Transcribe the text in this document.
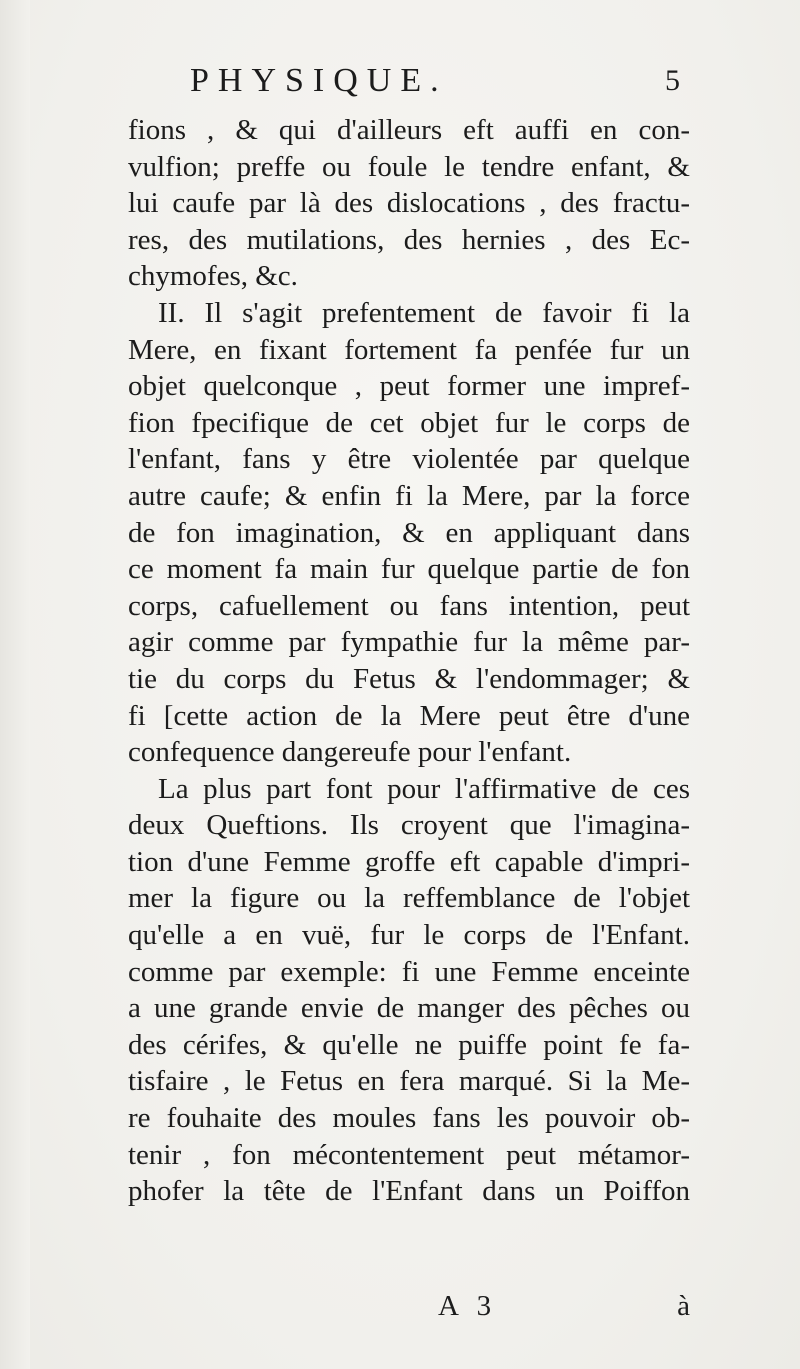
PHYSIQUE.	5
fions , & qui d'ailleurs eft auffi en con-
vulfion; preffe ou foule le tendre enfant, &
lui caufe par là des dislocations , des fractu-
res, des mutilations, des hernies , des Ec-
chymofes, &c.
II. Il s'agit prefentement de favoir fi la
Mere, en fixant fortement fa penfée fur un
objet quelconque , peut former une impref-
fion fpecifique de cet objet fur le corps de
l'enfant, fans y être violentée par quelque
autre caufe; & enfin fi la Mere, par la force
de fon imagination, & en appliquant dans
ce moment fa main fur quelque partie de fon
corps, cafuellement ou fans intention, peut
agir comme par fympathie fur la même par-
tie du corps du Fetus & l'endommager; &
fi [cette action de la Mere peut être d'une
confequence dangereufe pour l'enfant.
La plus part font pour l'affirmative de ces
deux Queftions. Ils croyent que l'imagina-
tion d'une Femme groffe eft capable d'impri-
mer la figure ou la reffemblance de l'objet
qu'elle a en vuë, fur le corps de l'Enfant.
comme par exemple: fi une Femme enceinte
a une grande envie de manger des pêches ou
des cérifes, & qu'elle ne puiffe point fe fa-
tisfaire , le Fetus en fera marqué. Si la Me-
re fouhaite des moules fans les pouvoir ob-
tenir , fon mécontentement peut métamor-
phofer la tête de l'Enfant dans un Poiffon
A 3	à
